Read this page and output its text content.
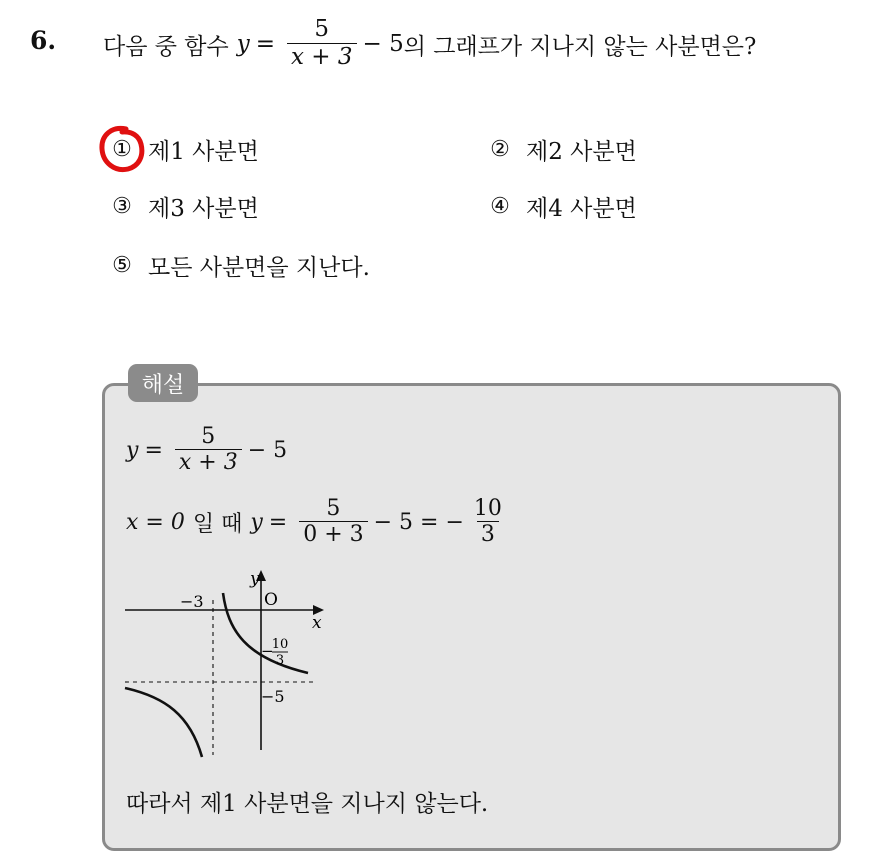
6. 다음 중 함수 $y = \frac{5}{x + 3} - 5$ 의 그래프가 지나지 않는 사분면은?
① 제1 사분면	② 제2 사분면
③ 제3 사분면	④ 제4 사분면
⑤ 모든 사분면을 지난다.
해설
$y = \frac{5}{x + 3} - 5$
x = 0 일 때 $y = \frac{5}{0 + 3} - 5$ = − $\frac{10}{3}$
y
x
O
−3
−5
−
10
3
따라서 제1 사분면을 지나지 않는다.
